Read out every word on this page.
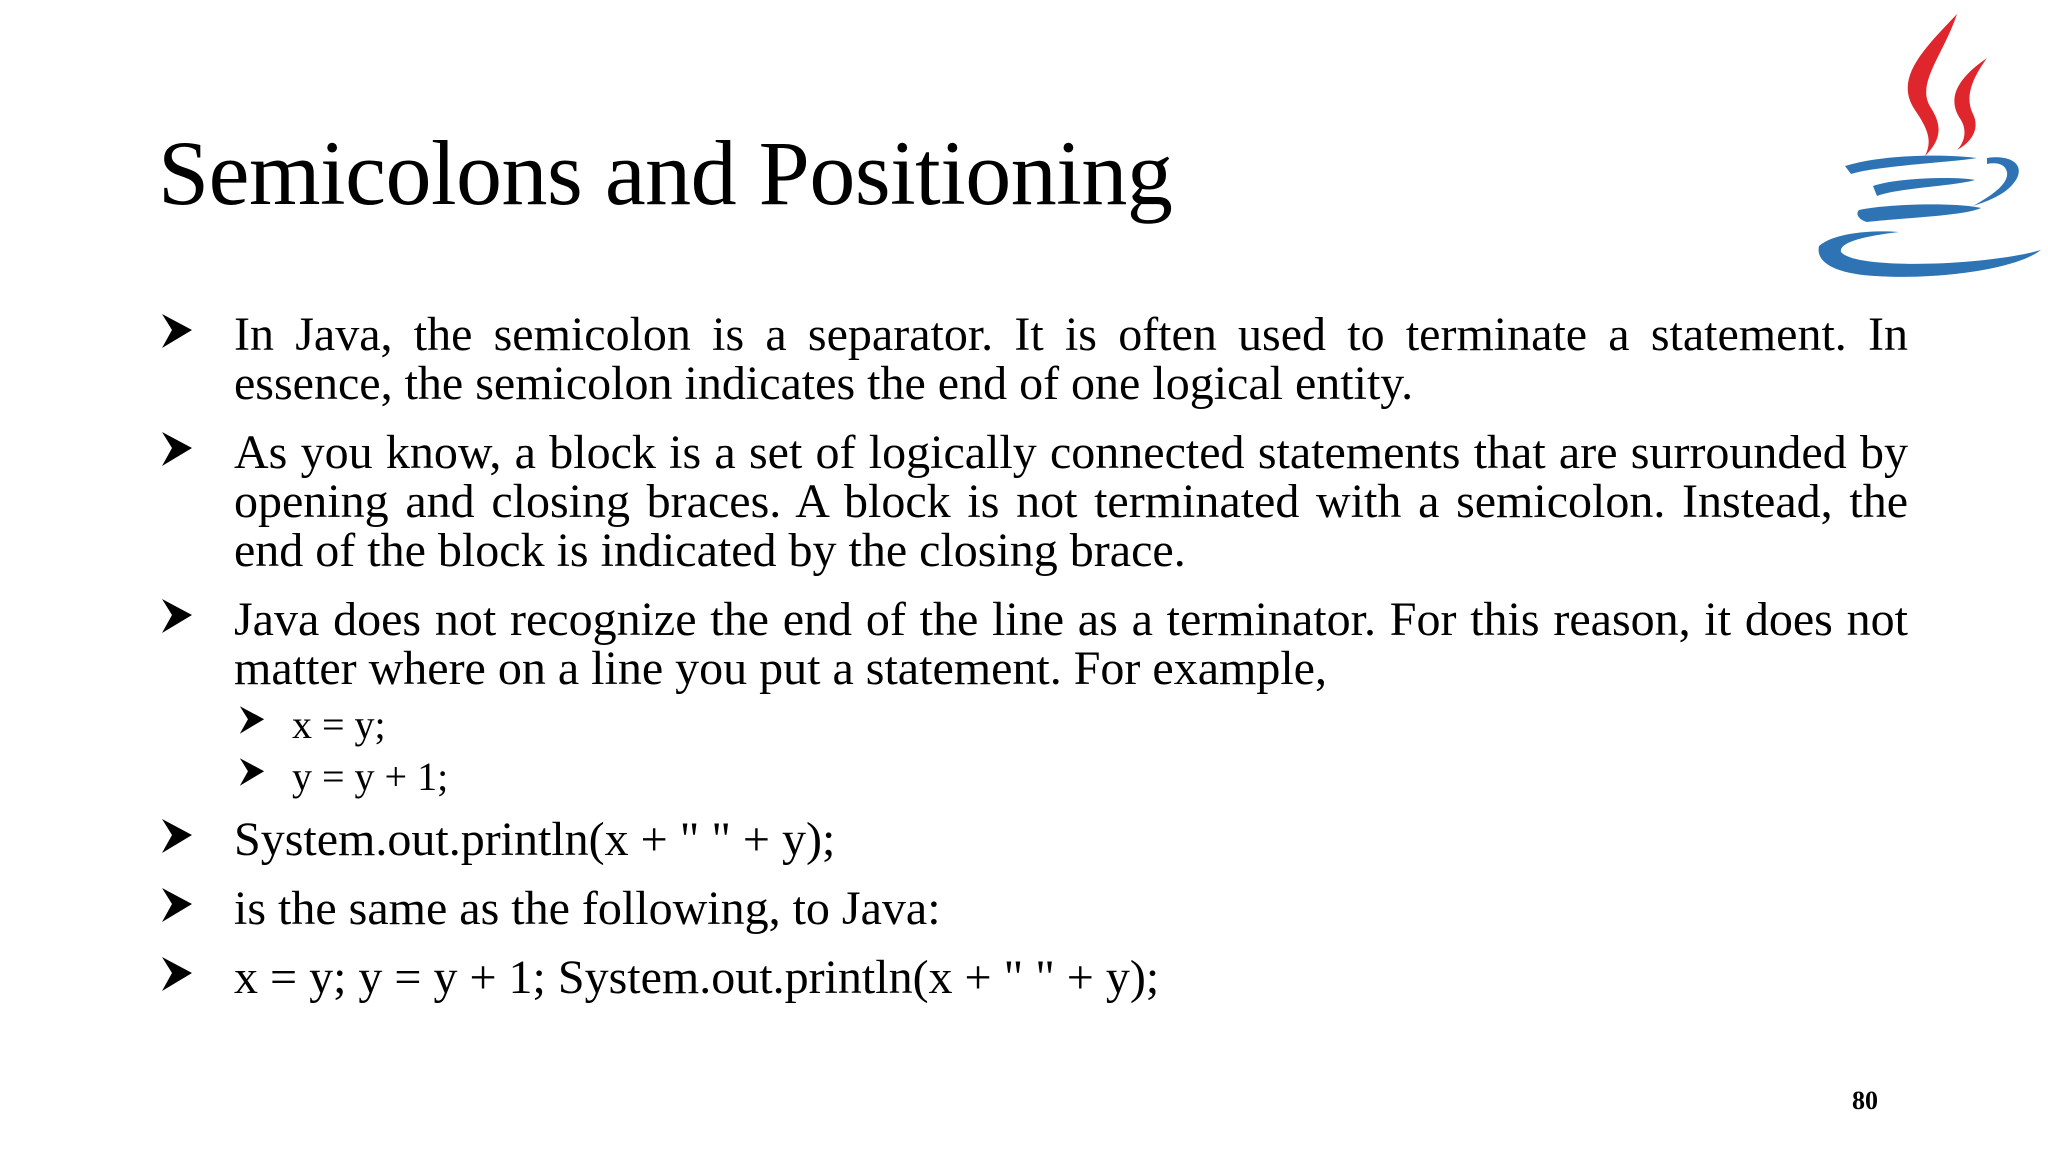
Semicolons and Positioning
In Java, the semicolon is a separator. It is often used to terminate a statement. In essence, the semicolon indicates the end of one logical entity.
As you know, a block is a set of logically connected statements that are surrounded by opening and closing braces. A block is not terminated with a semicolon. Instead, the end of the block is indicated by the closing brace.
Java does not recognize the end of the line as a terminator. For this reason, it does not matter where on a line you put a statement. For example,
x = y;
y = y + 1;
System.out.println(x + " " + y);
is the same as the following, to Java:
x = y; y = y + 1; System.out.println(x + " " + y);
80
